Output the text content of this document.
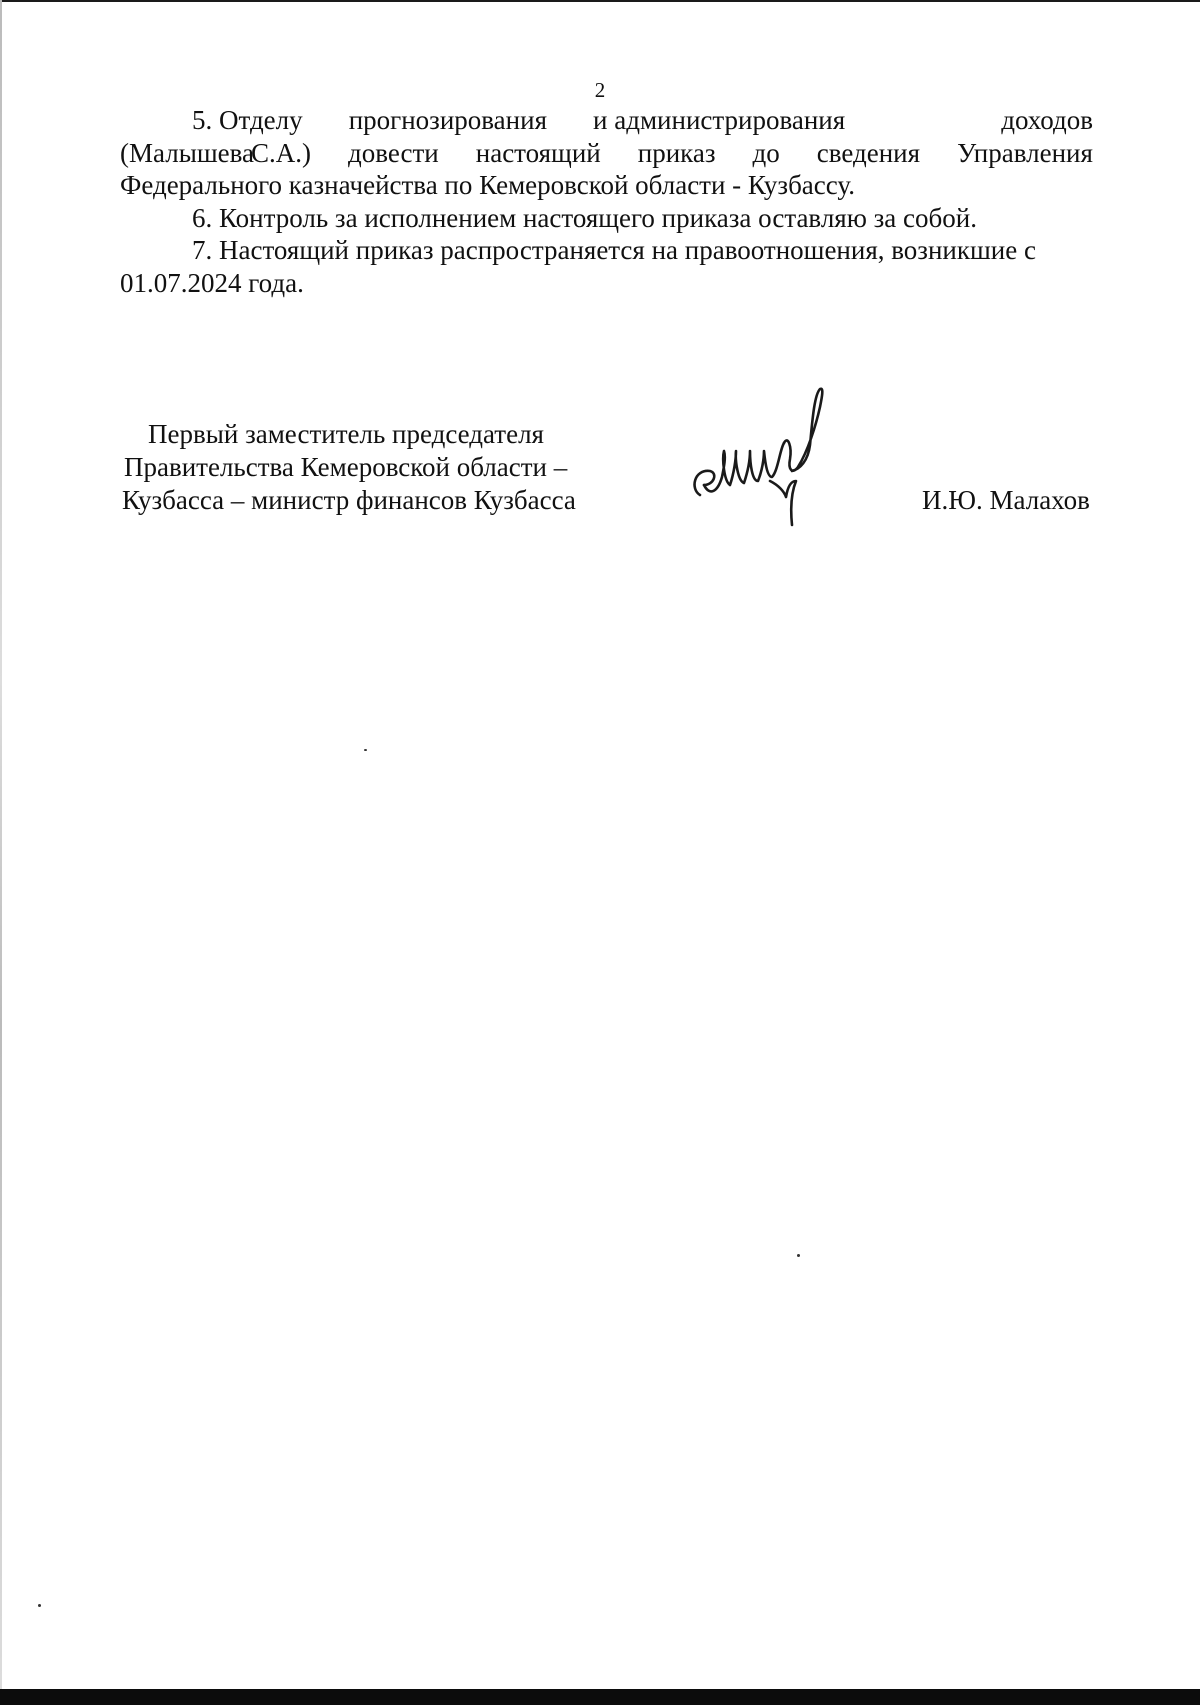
2
5. Отделу прогнозирования и администрирования	доходов
(Малышева
С.А.) довести настоящий приказ до сведения Управления
Федерального казначейства по Кемеровской области - Кузбассу.
6. Контроль за исполнением настоящего приказа оставляю за собой.
7. Настоящий приказ распространяется на правоотношения, возникшие с
01.07.2024 года.
Первый заместитель председателя
Правительства Кемеровской области –
Кузбасса – министр финансов Кузбасса	И.Ю. Малахов
